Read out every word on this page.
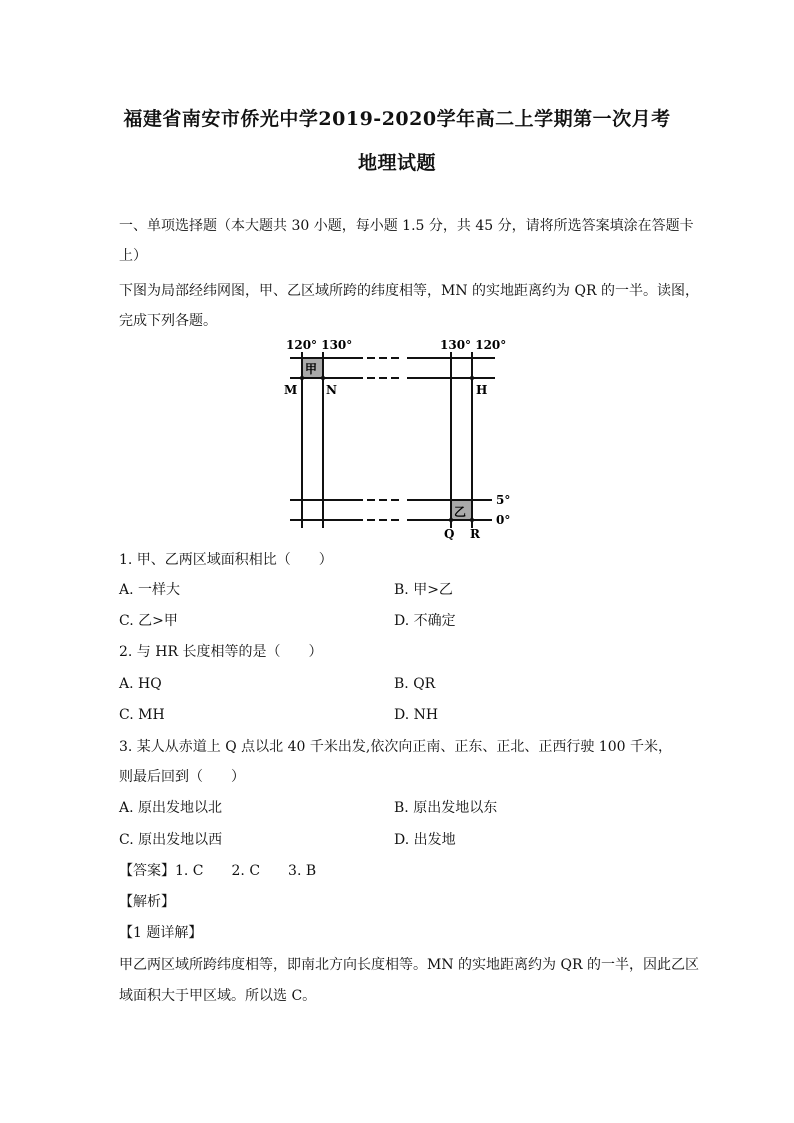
福建省南安市侨光中学2019-2020学年高二上学期第一次月考
地理试题
一、单项选择题（本大题共 30 小题，每小题 1.5 分，共 45 分，请将所选答案填涂在答题卡
上）
下图为局部经纬网图，甲、乙区域所跨的纬度相等，MN 的实地距离约为 QR 的一半。读图，
完成下列各题。
120° 130°	130° 120°
甲
乙
M N	H
Q R
5°
0°
1. 甲、乙两区域面积相比（　　）
A. 一样大	B. 甲>乙
C. 乙>甲	D. 不确定
2. 与 HR 长度相等的是（　　）
A. HQ	B. QR
C. MH	D. NH
3. 某人从赤道上 Q 点以北 40 千米出发,依次向正南、正东、正北、正西行驶 100 千米，
则最后回到（　　）
A. 原出发地以北	B. 原出发地以东
C. 原出发地以西	D. 出发地
【答案】1. C　　2. C　　3. B
【解析】
【1 题详解】
甲乙两区域所跨纬度相等，即南北方向长度相等。MN 的实地距离约为 QR 的一半，因此乙区
域面积大于甲区域。所以选 C。
